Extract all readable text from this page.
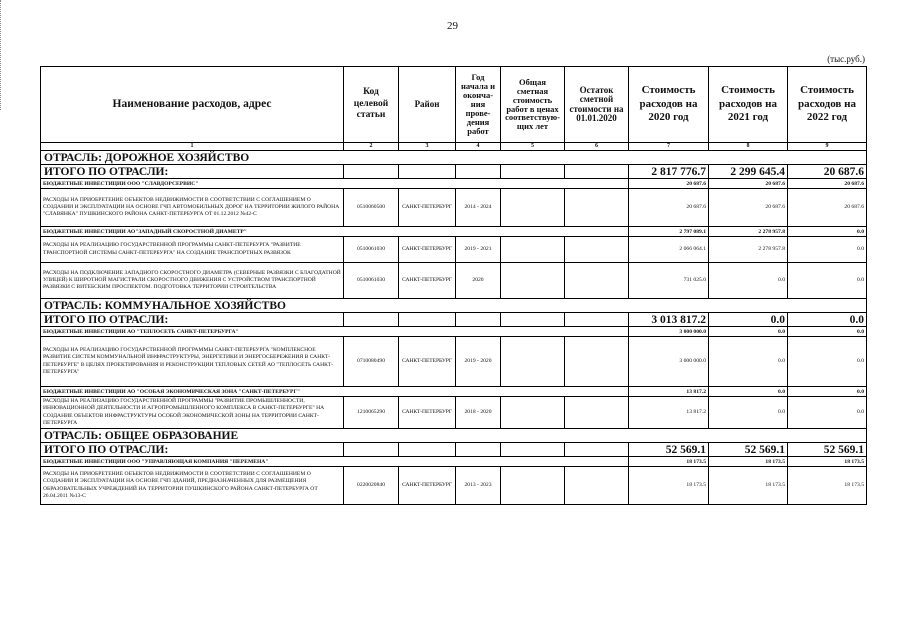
29
(тыс.руб.)
Наименование расходов, адрес	Код целевой статьи	Район	Год начала и оконча-ния прове-дения работ	Общая сметная стоимость работ в ценах соответствую-щих лет	Остаток сметной стоимости на 01.01.2020	Стоимость расходов на 2020 год	Стоимость расходов на 2021 год	Стоимость расходов на 2022 год
1	2	3	4	5	6	7	8	9
ОТРАСЛЬ: ДОРОЖНОЕ ХОЗЯЙСТВО								
ИТОГО ПО ОТРАСЛИ:						2 817 776.7	2 299 645.4	20 687.6
БЮДЖЕТНЫЕ ИНВЕСТИЦИИ ООО "СЛАВДОРСЕРВИС"						20 687.6	20 687.6	20 687.6
РАСХОДЫ НА ПРИОБРЕТЕНИЕ ОБЪЕКТОВ НЕДВИЖИМОСТИ В СООТВЕТСТВИИ С СОГЛАШЕНИЕМ О СОЗДАНИИ И ЭКСПЛУАТАЦИИ НА ОСНОВЕ ГЧП АВТОМОБИЛЬНЫХ ДОРОГ НА ТЕРРИТОРИИ ЖИЛОГО РАЙОНА "СЛАВЯНКА" ПУШКИНСКОГО РАЙОНА САНКТ-ПЕТЕРБУРГА ОТ 01.12.2012 №42-С	0510060500	САНКТ-ПЕТЕРБУРГ	2014 - 2024			20 687.6	20 687.6	20 687.6
БЮДЖЕТНЫЕ ИНВЕСТИЦИИ АО"ЗАПАДНЫЙ СКОРОСТНОЙ ДИАМЕТР"						2 797 089.1	2 278 957.8	0.0
РАСХОДЫ НА РЕАЛИЗАЦИЮ ГОСУДАРСТВЕННОЙ ПРОГРАММЫ САНКТ-ПЕТЕРБУРГА "РАЗВИТИЕ ТРАНСПОРТНОЙ СИСТЕМЫ САНКТ-ПЕТЕРБУРГА" НА СОЗДАНИЕ ТРАНСПОРТНЫХ РАЗВЯЗОК	0510061030	САНКТ-ПЕТЕРБУРГ	2019 - 2021			2 066 064.1	2 278 957.8	0.0
РАСХОДЫ НА ПОДКЛЮЧЕНИЕ ЗАПАДНОГО СКОРОСТНОГО ДИАМЕТРА (СЕВЕРНЫЕ РАЗВЯЗКИ С БЛАГОДАТНОЙ УЛИЦЕЙ) К ШИРОТНОЙ МАГИСТРАЛИ СКОРОСТНОГО ДВИЖЕНИЯ С УСТРОЙСТВОМ ТРАНСПОРТНОЙ РАЗВЯЗКИ С ВИТЕБСКИМ ПРОСПЕКТОМ. ПОДГОТОВКА ТЕРРИТОРИИ СТРОИТЕЛЬСТВА	0510061030	САНКТ-ПЕТЕРБУРГ	2020			731 025.0	0.0	0.0
ОТРАСЛЬ: КОММУНАЛЬНОЕ ХОЗЯЙСТВО								
ИТОГО ПО ОТРАСЛИ:						3 013 817.2	0.0	0.0
БЮДЖЕТНЫЕ ИНВЕСТИЦИИ АО "ТЕПЛОСЕТЬ САНКТ-ПЕТЕРБУРГА"						3 000 000.0	0.0	0.0
РАСХОДЫ НА РЕАЛИЗАЦИЮ ГОСУДАРСТВЕННОЙ ПРОГРАММЫ САНКТ-ПЕТЕРБУРГА "КОМПЛЕКСНОЕ РАЗВИТИЕ СИСТЕМ КОММУНАЛЬНОЙ ИНФРАСТРУКТУРЫ, ЭНЕРГЕТИКИ И ЭНЕРГОСБЕРЕЖЕНИЯ В САНКТ-ПЕТЕРБУРГЕ" В ЦЕЛЯХ ПРОЕКТИРОВАНИЯ И РЕКОНСТРУКЦИИ ТЕПЛОВЫХ СЕТЕЙ АО "ТЕПЛОСЕТЬ САНКТ-ПЕТЕРБУРГА"	0710080490	САНКТ-ПЕТЕРБУРГ	2019 - 2020			3 000 000.0	0.0	0.0
БЮДЖЕТНЫЕ ИНВЕСТИЦИИ АО "ОСОБАЯ ЭКОНОМИЧЕСКАЯ ЗОНА "САНКТ-ПЕТЕРБУРГ"						13 817.2	0.0	0.0
РАСХОДЫ НА РЕАЛИЗАЦИЮ ГОСУДАРСТВЕННОЙ ПРОГРАММЫ "РАЗВИТИЕ ПРОМЫШЛЕННОСТИ, ИННОВАЦИОННОЙ ДЕЯТЕЛЬНОСТИ И АГРОПРОМЫШЛЕННОГО КОМПЛЕКСА В САНКТ-ПЕТЕРБУРГЕ" НА СОЗДАНИЕ ОБЪЕКТОВ ИНФРАСТРУКТУРЫ ОСОБОЙ ЭКОНОМИЧЕСКОЙ ЗОНЫ НА ТЕРРИТОРИИ САНКТ-ПЕТЕРБУРГА	1210065290	САНКТ-ПЕТЕРБУРГ	2018 - 2020			13 817.2	0.0	0.0
ОТРАСЛЬ: ОБЩЕЕ ОБРАЗОВАНИЕ								
ИТОГО ПО ОТРАСЛИ:						52 569.1	52 569.1	52 569.1
БЮДЖЕТНЫЕ ИНВЕСТИЦИИ ООО "УПРАВЛЯЮЩАЯ КОМПАНИЯ "ПЕРЕМЕНА"						18 173.5	18 173.5	18 173.5
РАСХОДЫ НА ПРИОБРЕТЕНИЕ ОБЪЕКТОВ НЕДВИЖИМОСТИ В СООТВЕТСТВИИ С СОГЛАШЕНИЕМ О СОЗДАНИИ И ЭКСПЛУАТАЦИИ НА ОСНОВЕ ГЧП ЗДАНИЙ, ПРЕДНАЗНАЧЕННЫХ ДЛЯ РАЗМЕЩЕНИЯ ОБРАЗОВАТЕЛЬНЫХ УЧРЕЖДЕНИЙ НА ТЕРРИТОРИИ ПУШКИНСКОГО РАЙОНА САНКТ-ПЕТЕРБУРГА ОТ 26.04.2011 №13-С	0220020840	САНКТ-ПЕТЕРБУРГ	2013 - 2023			18 173.5	18 173.5	18 173.5
